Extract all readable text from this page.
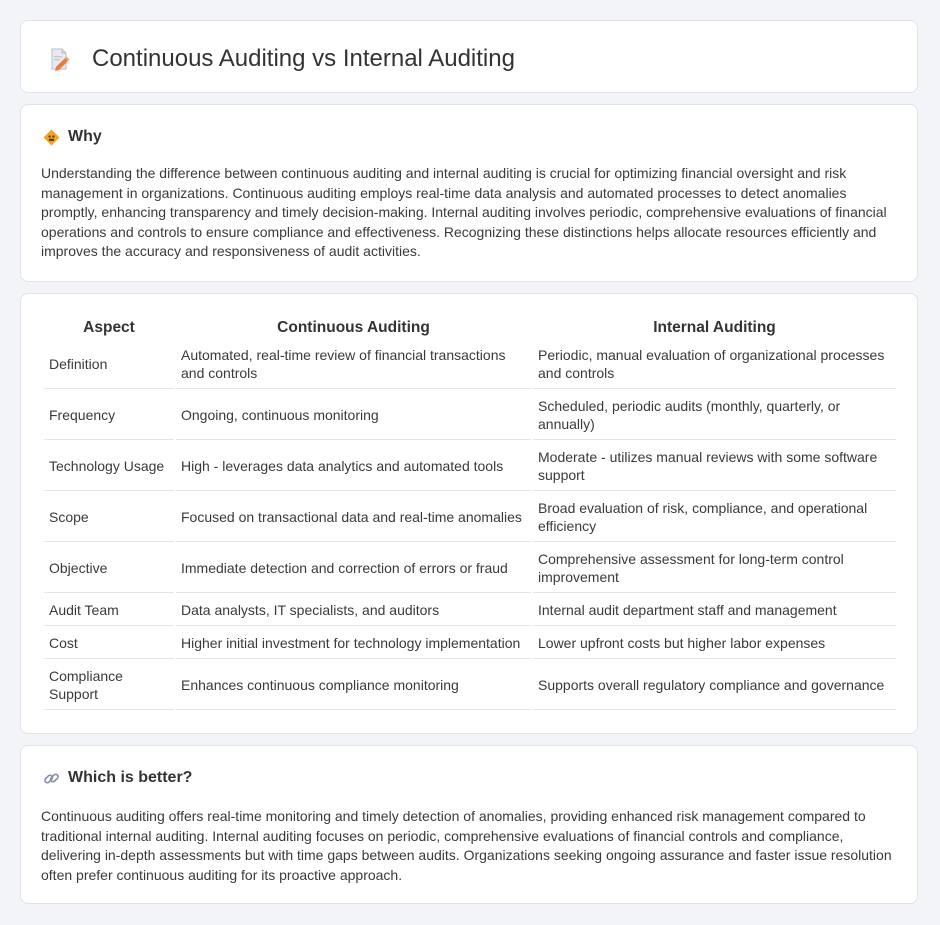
Continuous Auditing vs Internal Auditing
Why

Understanding the difference between continuous auditing and internal auditing is crucial for optimizing financial oversight and risk management in organizations. Continuous auditing employs real-time data analysis and automated processes to detect anomalies promptly, enhancing transparency and timely decision-making. Internal auditing involves periodic, comprehensive evaluations of financial operations and controls to ensure compliance and effectiveness. Recognizing these distinctions helps allocate resources efficiently and improves the accuracy and responsiveness of audit activities.

Aspect	Continuous Auditing	Internal Auditing
Definition	Automated, real-time review of financial transactions and controls	Periodic, manual evaluation of organizational processes and controls
Frequency	Ongoing, continuous monitoring	Scheduled, periodic audits (monthly, quarterly, or annually)
Technology Usage	High - leverages data analytics and automated tools	Moderate - utilizes manual reviews with some software support
Scope	Focused on transactional data and real-time anomalies	Broad evaluation of risk, compliance, and operational efficiency
Objective	Immediate detection and correction of errors or fraud	Comprehensive assessment for long-term control improvement
Audit Team	Data analysts, IT specialists, and auditors	Internal audit department staff and management
Cost	Higher initial investment for technology implementation	Lower upfront costs but higher labor expenses
Compliance Support	Enhances continuous compliance monitoring	Supports overall regulatory compliance and governance
Which is better?

Continuous auditing offers real-time monitoring and timely detection of anomalies, providing enhanced risk management compared to traditional internal auditing. Internal auditing focuses on periodic, comprehensive evaluations of financial controls and compliance, delivering in-depth assessments but with time gaps between audits. Organizations seeking ongoing assurance and faster issue resolution often prefer continuous auditing for its proactive approach.
